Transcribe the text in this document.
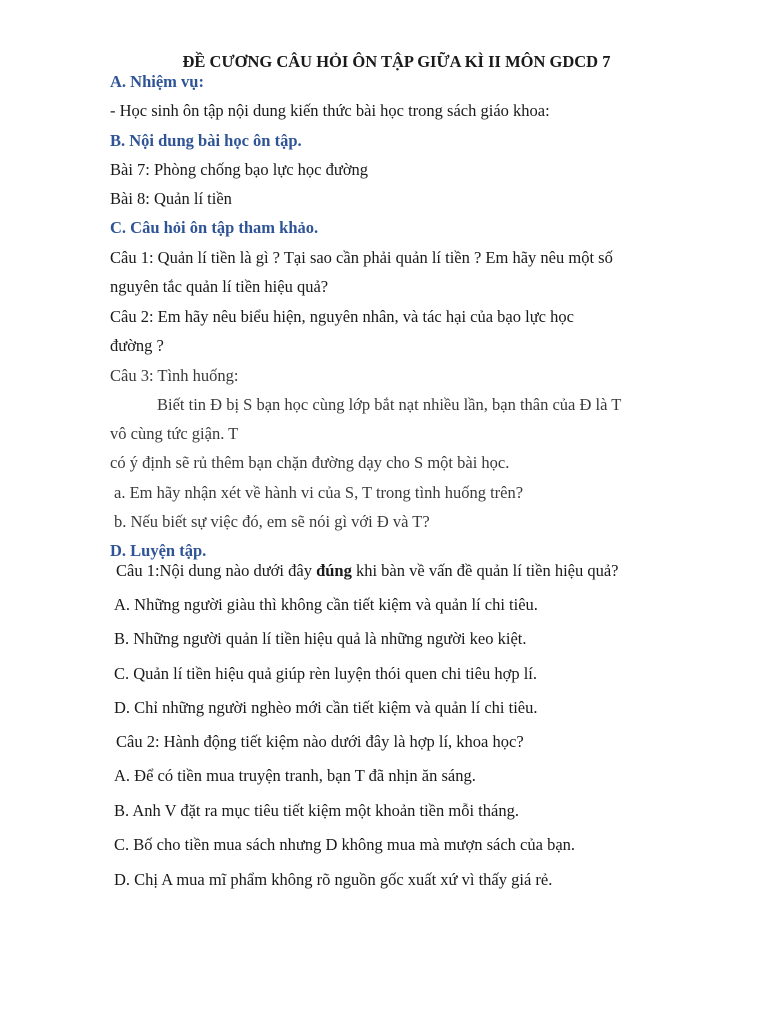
ĐỀ CƯƠNG CÂU HỎI ÔN TẬP GIỮA KÌ II MÔN GDCD 7
A. Nhiệm vụ:
- Học sinh ôn tập nội dung kiến thức bài học trong sách giáo khoa:
B. Nội dung bài học ôn tập.
Bài 7: Phòng chống bạo lực học đường
Bài 8: Quản lí tiền
C. Câu hỏi ôn tập tham khảo.
Câu 1: Quản lí tiền là gì ? Tại sao cần phải quản lí tiền ? Em hãy nêu một số
nguyên tắc quản lí tiền hiệu quả?
Câu 2: Em hãy nêu biểu hiện, nguyên nhân, và tác hại của bạo lực học
đường ?
Câu 3: Tình huống:
Biết tin Đ bị S bạn học cùng lớp bắt nạt nhiều lần, bạn thân của Đ là T
vô cùng tức giận. T
có ý định sẽ rủ thêm bạn chặn đường dạy cho S một bài học.
a. Em hãy nhận xét về hành vi của S, T trong tình huống trên?
b. Nếu biết sự việc đó, em sẽ nói gì với Đ và T?
D. Luyện tập.
Câu 1:Nội dung nào dưới đây đúng khi bàn về vấn đề quản lí tiền hiệu quả?
A. Những người giàu thì không cần tiết kiệm và quản lí chi tiêu.
B. Những người quản lí tiền hiệu quả là những người keo kiệt.
C. Quản lí tiền hiệu quả giúp rèn luyện thói quen chi tiêu hợp lí.
D. Chỉ những người nghèo mới cần tiết kiệm và quản lí chi tiêu.
Câu 2: Hành động tiết kiệm nào dưới đây là hợp lí, khoa học?
A. Để có tiền mua truyện tranh, bạn T đã nhịn ăn sáng.
B. Anh V đặt ra mục tiêu tiết kiệm một khoản tiền mỗi tháng.
C. Bố cho tiền mua sách nhưng D không mua mà mượn sách của bạn.
D. Chị A mua mĩ phẩm không rõ nguồn gốc xuất xứ vì thấy giá rẻ.
